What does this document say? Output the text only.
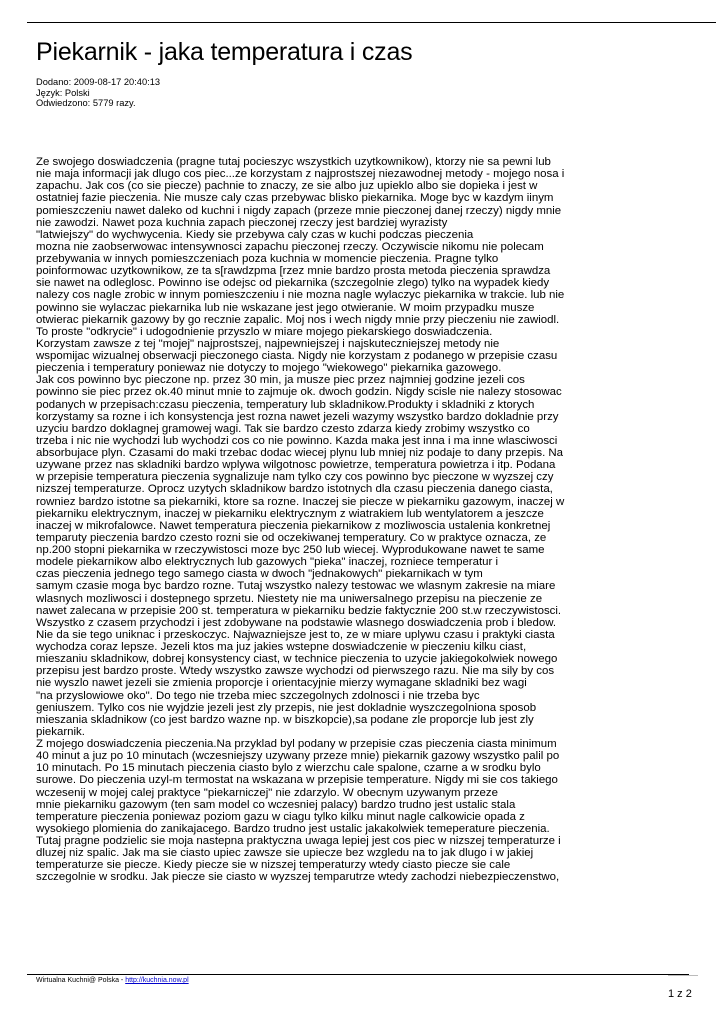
Piekarnik - jaka temperatura i czas
Dodano: 2009-08-17 20:40:13
Język: Polski
Odwiedzono: 5779 razy.
Ze swojego doswiadczenia (pragne tutaj pocieszyc wszystkich uzytkownikow), ktorzy nie sa pewni lub
nie maja informacji jak dlugo cos piec...ze korzystam z najprostszej niezawodnej metody - mojego nosa i
zapachu. Jak cos (co sie piecze) pachnie to znaczy, ze sie albo juz upieklo albo sie dopieka i jest w
ostatniej fazie pieczenia. Nie musze caly czas przebywac blisko piekarnika. Moge byc w kazdym iinym
pomieszczeniu nawet daleko od kuchni i nigdy zapach (przeze mnie pieczonej danej rzeczy) nigdy mnie
nie zawodzi. Nawet poza kuchnia zapach pieczonej rzeczy jest bardziej wyrazisty
"latwiejszy" do wychwycenia. Kiedy sie przebywa caly czas w kuchi podczas pieczenia
mozna nie zaobserwowac intensywnosci zapachu pieczonej rzeczy. Oczywiscie nikomu nie polecam
przebywania w innych pomieszczeniach poza kuchnia w momencie pieczenia. Pragne tylko
poinformowac uzytkownikow, ze ta s[rawdzpma [rzez mnie bardzo prosta metoda pieczenia sprawdza
sie nawet na odleglosc. Powinno ise odejsc od piekarnika (szczegolnie zlego) tylko na wypadek kiedy
nalezy cos nagle zrobic w innym pomieszczeniu i nie mozna nagle wylaczyc piekarnika w trakcie. lub nie
powinno sie wylaczac piekarnika lub nie wskazane jest jego otwieranie. W moim przypadku musze
otwierac piekarnik gazowy by go recznie zapalic. Moj nos i wech nigdy mnie przy pieczeniu nie zawiodl.
To proste "odkrycie" i udogodnienie przyszlo w miare mojego piekarskiego doswiadczenia.
Korzystam zawsze z tej "mojej" najprostszej, najpewniejszej i najskuteczniejszej metody nie
wspomijac wizualnej obserwacji pieczonego ciasta. Nigdy nie korzystam z podanego w przepisie czasu
pieczenia i temperatury poniewaz nie dotyczy to mojego "wiekowego" piekarnika gazowego.
Jak cos powinno byc pieczone np. przez 30 min, ja musze piec przez najmniej godzine jezeli cos
powinno sie piec przez ok.40 minut mnie to zajmuje ok. dwoch godzin. Nigdy scisle nie nalezy stosowac
podanych w przepisach:czasu pieczenia, temperatury lub skladnikow.Produkty i skladniki z ktorych
korzystamy sa rozne i ich konsystencja jest rozna nawet jezeli wazymy wszystko bardzo dokladnie przy
uzyciu bardzo doklagnej gramowej wagi. Tak sie bardzo czesto zdarza kiedy zrobimy wszystko co
trzeba i nic nie wychodzi lub wychodzi cos co nie powinno. Kazda maka jest inna i ma inne wlasciwosci
absorbujace plyn. Czasami do maki trzebac dodac wiecej plynu lub mniej niz podaje to dany przepis. Na
uzywane przez nas skladniki bardzo wplywa wilgotnosc powietrze, temperatura powietrza i itp. Podana
w przepisie temperatura pieczenia sygnalizuje nam tylko czy cos powinno byc pieczone w wyzszej czy
nizszej temperaturze. Oprocz uzytych skladnikow bardzo istotnych dla czasu pieczenia danego ciasta,
rowniez bardzo istotne sa piekarniki, ktore sa rozne. Inaczej sie piecze w piekarniku gazowym, inaczej w
piekarniku elektrycznym, inaczej w piekarniku elektrycznym z wiatrakiem lub wentylatorem a jeszcze
inaczej w mikrofalowce. Nawet temperatura pieczenia piekarnikow z mozliwoscia ustalenia konkretnej
temparuty pieczenia bardzo czesto rozni sie od oczekiwanej temperatury. Co w praktyce oznacza, ze
np.200 stopni piekarnika w rzeczywistosci moze byc 250 lub wiecej. Wyprodukowane nawet te same
modele piekarnikow albo elektrycznych lub gazowych "pieka" inaczej, rozniece temperatur i
czas pieczenia jednego tego samego ciasta w dwoch "jednakowych" piekarnikach w tym
samym czasie moga byc bardzo rozne. Tutaj wszystko nalezy testowac we wlasnym zakresie na miare
wlasnych mozliwosci i dostepnego sprzetu. Niestety nie ma uniwersalnego przepisu na pieczenie ze
nawet zalecana w przepisie 200 st. temperatura w piekarniku bedzie faktycznie 200 st.w rzeczywistosci.
Wszystko z czasem przychodzi i jest zdobywane na podstawie wlasnego doswiadczenia prob i bledow.
Nie da sie tego uniknac i przeskoczyc. Najwazniejsze jest to, ze w miare uplywu czasu i praktyki ciasta
wychodza coraz lepsze. Jezeli ktos ma juz jakies wstepne doswiadczenie w pieczeniu kilku ciast,
mieszaniu skladnikow, dobrej konsystency ciast, w technice pieczenia to uzycie jakiegokolwiek nowego
przepisu jest bardzo proste. Wtedy wszystko zawsze wychodzi od pierwszego razu. Nie ma sily by cos
nie wyszlo nawet jezeli sie zmienia proporcje i orientacyjnie mierzy wymagane skladniki bez wagi
"na przyslowiowe oko". Do tego nie trzeba miec szczegolnych zdolnosci i nie trzeba byc
geniuszem. Tylko cos nie wyjdzie jezeli jest zly przepis, nie jest dokladnie wyszczegolniona sposob
mieszania skladnikow (co jest bardzo wazne np. w biszkopcie),sa podane zle proporcje lub jest zly
piekarnik.
Z mojego doswiadczenia pieczenia.Na przyklad byl podany w przepisie czas pieczenia ciasta minimum
40 minut a juz po 10 minutach (wczesniejszy uzywany przeze mnie) piekarnik gazowy wszystko palil po
10 minutach. Po 15 minutach pieczenia ciasto bylo z wierzchu cale spalone, czarne a w srodku bylo
surowe. Do pieczenia uzyl-m termostat na wskazana w przepisie temperature. Nigdy mi sie cos takiego
wczesenij w mojej calej praktyce "piekarniczej" nie zdarzylo. W obecnym uzywanym przeze
mnie piekarniku gazowym (ten sam model co wczesniej palacy) bardzo trudno jest ustalic stala
temperature pieczenia poniewaz poziom gazu w ciagu tylko kilku minut nagle calkowicie opada z
wysokiego plomienia do zanikajacego. Bardzo trudno jest ustalic jakakolwiek temeperature pieczenia.
Tutaj pragne podzielic sie moja nastepna praktyczna uwaga lepiej jest cos piec w nizszej temperaturze i
dluzej niz spalic. Jak ma sie ciasto upiec zawsze sie upiecze bez wzgledu na to jak dlugo i w jakiej
temperaturze sie piecze. Kiedy piecze sie w nizszej temperaturzy wtedy ciasto piecze sie cale
szczegolnie w srodku. Jak piecze sie ciasto w wyzszej temparutrze wtedy zachodzi niebezpieczenstwo,
Wirtualna Kuchni@ Polska - http://kuchnia.now.pl
1 z 2
